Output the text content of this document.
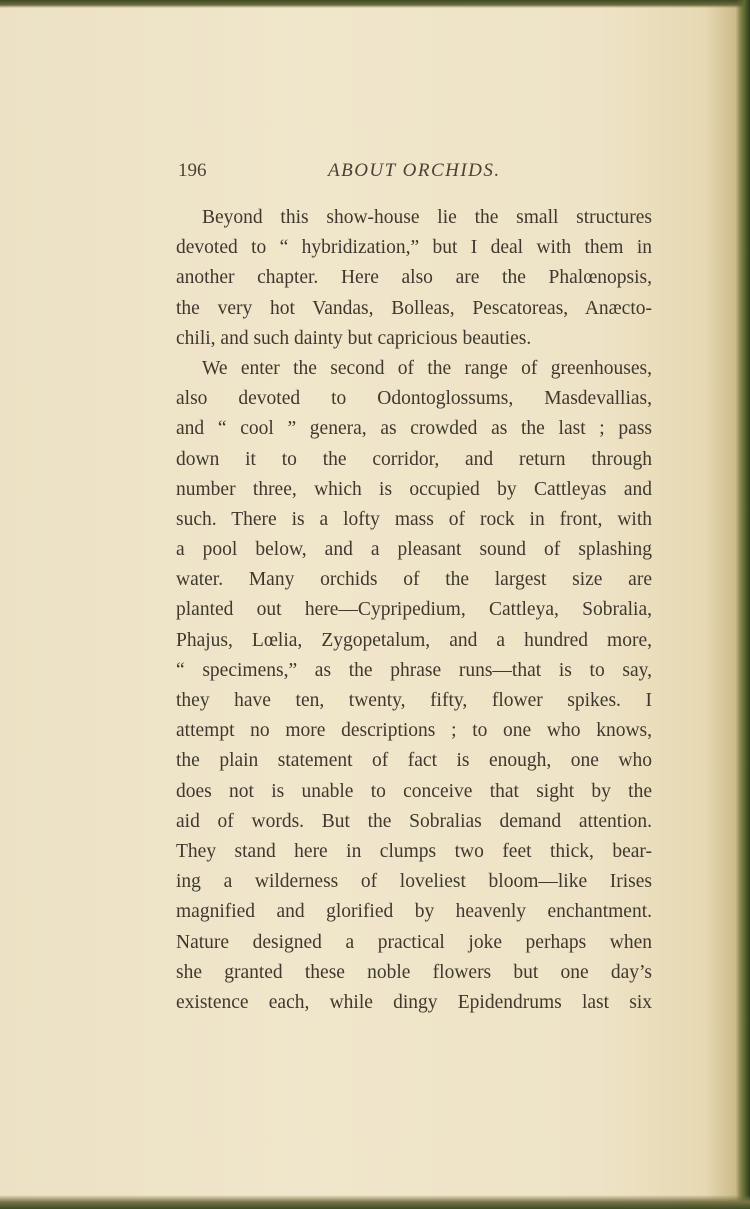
196	ABOUT ORCHIDS.
Beyond this show-house lie the small structures
devoted to “ hybridization,” but I deal with them in
another chapter. Here also are the Phalœnopsis,
the very hot Vandas, Bolleas, Pescatoreas, Anæcto-
chili, and such dainty but capricious beauties.
We enter the second of the range of greenhouses,
also devoted to Odontoglossums, Masdevallias,
and “ cool ” genera, as crowded as the last ; pass
down it to the corridor, and return through
number three, which is occupied by Cattleyas and
such. There is a lofty mass of rock in front, with
a pool below, and a pleasant sound of splashing
water. Many orchids of the largest size are
planted out here—Cypripedium, Cattleya, Sobralia,
Phajus, Lœlia, Zygopetalum, and a hundred more,
“ specimens,” as the phrase runs—that is to say,
they have ten, twenty, fifty, flower spikes. I
attempt no more descriptions ; to one who knows,
the plain statement of fact is enough, one who
does not is unable to conceive that sight by the
aid of words. But the Sobralias demand attention.
They stand here in clumps two feet thick, bear-
ing a wilderness of loveliest bloom—like Irises
magnified and glorified by heavenly enchantment.
Nature designed a practical joke perhaps when
she granted these noble flowers but one day’s
existence each, while dingy Epidendrums last six
